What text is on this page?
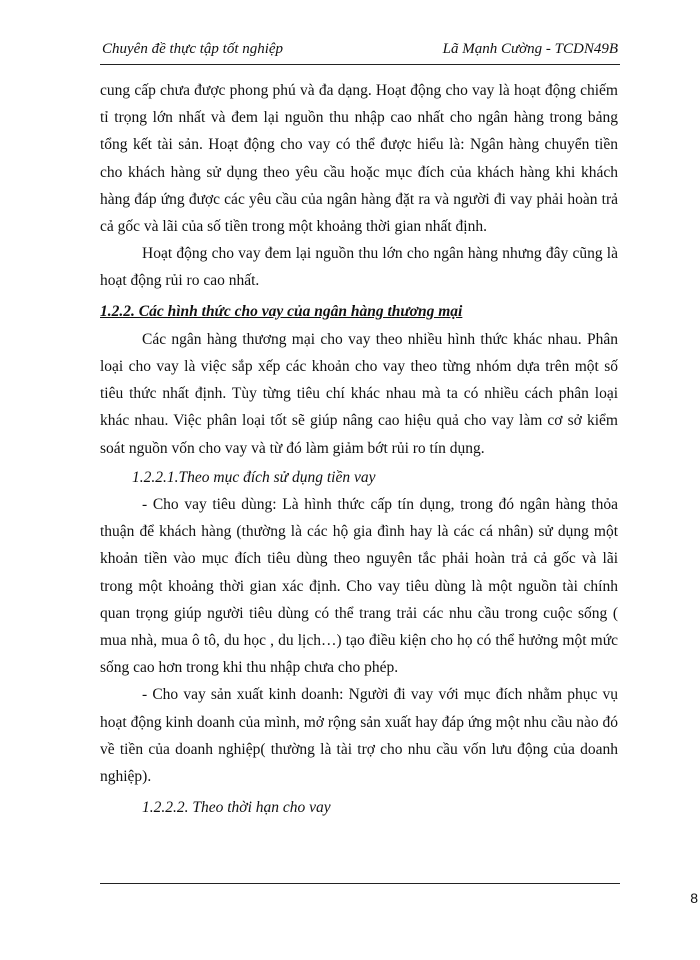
Chuyên đề thực tập tốt nghiệp	Lã Mạnh Cường - TCDN49B

cung cấp chưa được phong phú và đa dạng. Hoạt động cho vay là hoạt động chiếm tỉ trọng lớn nhất và đem lại nguồn thu nhập cao nhất cho ngân hàng trong bảng tổng kết tài sản. Hoạt động cho vay có thể được hiểu là: Ngân hàng chuyển tiền cho khách hàng sử dụng theo yêu cầu hoặc mục đích của khách hàng khi khách hàng đáp ứng được các yêu cầu của ngân hàng đặt ra và người đi vay phải hoàn trả cả gốc và lãi của số tiền trong một khoảng thời gian nhất định.

Hoạt động cho vay đem lại nguồn thu lớn cho ngân hàng nhưng đây cũng là hoạt động rủi ro cao nhất.

1.2.2. Các hình thức cho vay của ngân hàng thương mại

Các ngân hàng thương mại cho vay theo nhiều hình thức khác nhau. Phân loại cho vay là việc sắp xếp các khoản cho vay theo từng nhóm dựa trên một số tiêu thức nhất định. Tùy từng tiêu chí khác nhau mà ta có nhiều cách phân loại khác nhau. Việc phân loại tốt sẽ giúp nâng cao hiệu quả cho vay làm cơ sở kiểm soát nguồn vốn cho vay và từ đó làm giảm bớt rủi ro tín dụng.

1.2.2.1.Theo mục đích sử dụng tiền vay

- Cho vay tiêu dùng: Là hình thức cấp tín dụng, trong đó ngân hàng thỏa thuận để khách hàng (thường là các hộ gia đình hay là các cá nhân) sử dụng một khoản tiền vào mục đích tiêu dùng theo nguyên tắc phải hoàn trả cả gốc và lãi trong một khoảng thời gian xác định. Cho vay tiêu dùng là một nguồn tài chính quan trọng giúp người tiêu dùng có thể trang trải các nhu cầu trong cuộc sống ( mua nhà, mua ô tô, du học , du lịch…) tạo điều kiện cho họ có thể hưởng một mức sống cao hơn trong khi thu nhập chưa cho phép.

- Cho vay sản xuất kinh doanh: Người đi vay với mục đích nhằm phục vụ hoạt động kinh doanh của mình, mở rộng sản xuất hay đáp ứng một nhu cầu nào đó về tiền của doanh nghiệp( thường là tài trợ cho nhu cầu vốn lưu động của doanh nghiệp).

1.2.2.2. Theo thời hạn cho vay

8
